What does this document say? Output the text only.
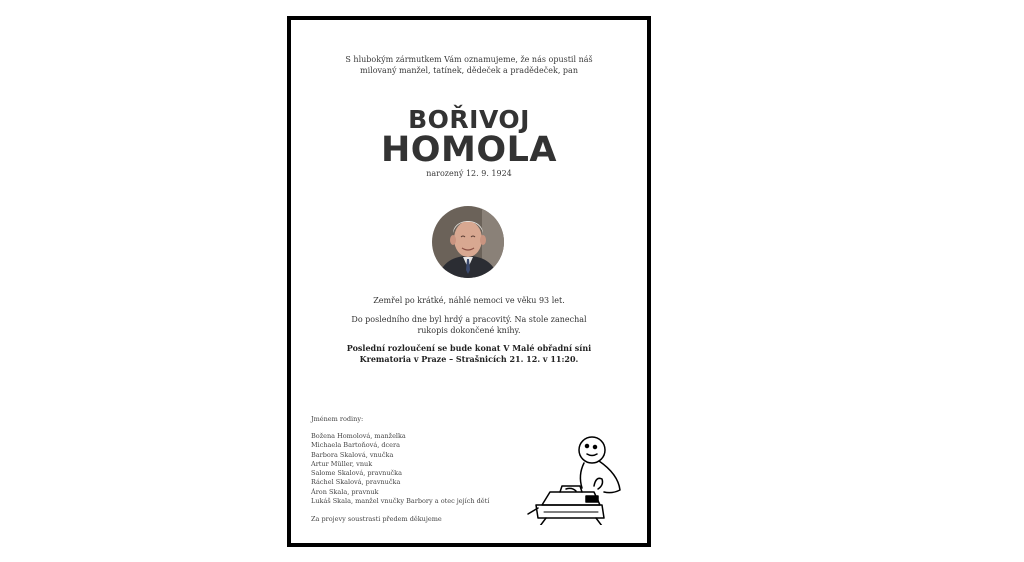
S hlubokým zármutkem Vám oznamujeme, že nás opustil náš
milovaný manžel, tatínek, dědeček a pradědeček, pan
BOŘIVOJ
HOMOLA
narozený 12. 9. 1924
Zemřel po krátké, náhlé nemoci ve věku 93 let.
Do posledního dne byl hrdý a pracovitý. Na stole zanechal rukopis dokončené knihy.
Poslední rozloučení se bude konat V Malé obřadní síni Krematoria v Praze – Strašnicích 21. 12. v 11:20.
Jménem rodiny:
Božena Homolová, manželka
Michaela Bartoňová, dcera
Barbora Skalová, vnučka
Artur Müller, vnuk
Salome Skalová, pravnučka
Ráchel Skalová, pravnučka
Áron Skala, pravnuk
Lukáš Skala, manžel vnučky Barbory a otec jejích dětí
Za projevy soustrasti předem děkujeme
